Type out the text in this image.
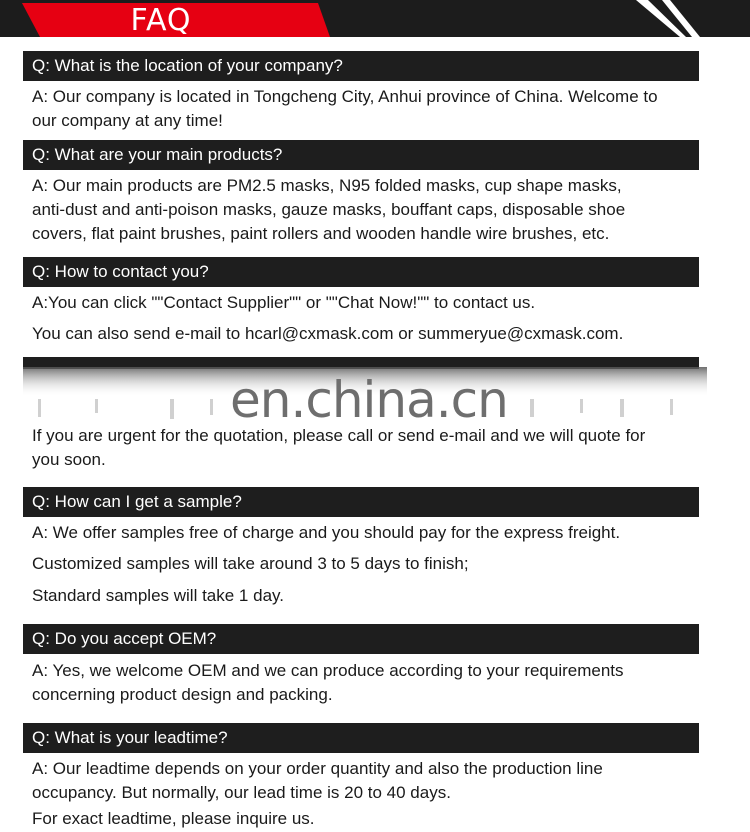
FAQ
Q: What is the location of your company?
A: Our company is located in Tongcheng City, Anhui province of China. Welcome to
our company at any time!
Q: What are your main products?
A: Our main products are PM2.5 masks, N95 folded masks, cup shape masks,
anti-dust and anti-poison masks, gauze masks, bouffant caps, disposable shoe
covers, flat paint brushes, paint rollers and wooden handle wire brushes, etc.
Q: How to contact you?
A:You can click ""Contact Supplier"" or ""Chat Now!"" to contact us.
You can also send e-mail to hcarl@cxmask.com or summeryue@cxmask.com.
en.china.cn
If you are urgent for the quotation, please call or send e-mail and we will quote for
you soon.
Q: How can I get a sample?
A: We offer samples free of charge and you should pay for the express freight.
Customized samples will take around 3 to 5 days to finish;
Standard samples will take 1 day.
Q: Do you accept OEM?
A: Yes, we welcome OEM and we can produce according to your requirements
concerning product design and packing.
Q: What is your leadtime?
A: Our leadtime depends on your order quantity and also the production line
occupancy. But normally, our lead time is 20 to 40 days.
For exact leadtime, please inquire us.
